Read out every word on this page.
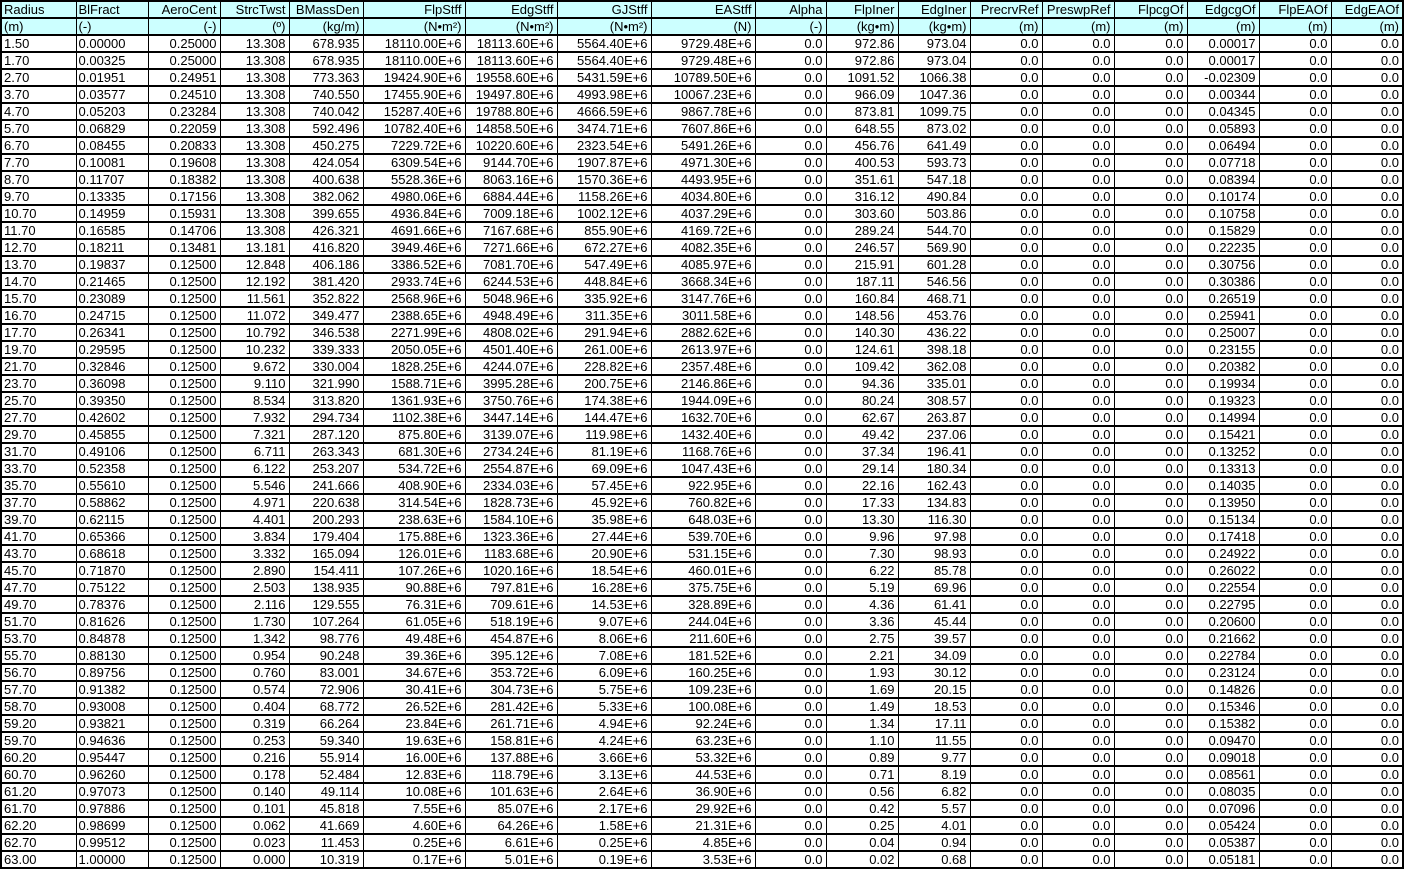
Radius	BlFract	AeroCent	StrcTwst	BMassDen	FlpStff	EdgStff	GJStff	EAStff	Alpha	FlpIner	EdgIner	PrecrvRef	PreswpRef	FlpcgOf	EdgcgOf	FlpEAOf	EdgEAOf
(m)	(-)	(-)	(º)	(kg/m)	(N•m²)	(N•m²)	(N•m²)	(N)	(-)	(kg•m)	(kg•m)	(m)	(m)	(m)	(m)	(m)	(m)
1.50	0.00000	0.25000	13.308	678.935	18110.00E+6	18113.60E+6	5564.40E+6	9729.48E+6	0.0	972.86	973.04	0.0	0.0	0.0	0.00017	0.0	0.0
1.70	0.00325	0.25000	13.308	678.935	18110.00E+6	18113.60E+6	5564.40E+6	9729.48E+6	0.0	972.86	973.04	0.0	0.0	0.0	0.00017	0.0	0.0
2.70	0.01951	0.24951	13.308	773.363	19424.90E+6	19558.60E+6	5431.59E+6	10789.50E+6	0.0	1091.52	1066.38	0.0	0.0	0.0	-0.02309	0.0	0.0
3.70	0.03577	0.24510	13.308	740.550	17455.90E+6	19497.80E+6	4993.98E+6	10067.23E+6	0.0	966.09	1047.36	0.0	0.0	0.0	0.00344	0.0	0.0
4.70	0.05203	0.23284	13.308	740.042	15287.40E+6	19788.80E+6	4666.59E+6	9867.78E+6	0.0	873.81	1099.75	0.0	0.0	0.0	0.04345	0.0	0.0
5.70	0.06829	0.22059	13.308	592.496	10782.40E+6	14858.50E+6	3474.71E+6	7607.86E+6	0.0	648.55	873.02	0.0	0.0	0.0	0.05893	0.0	0.0
6.70	0.08455	0.20833	13.308	450.275	7229.72E+6	10220.60E+6	2323.54E+6	5491.26E+6	0.0	456.76	641.49	0.0	0.0	0.0	0.06494	0.0	0.0
7.70	0.10081	0.19608	13.308	424.054	6309.54E+6	9144.70E+6	1907.87E+6	4971.30E+6	0.0	400.53	593.73	0.0	0.0	0.0	0.07718	0.0	0.0
8.70	0.11707	0.18382	13.308	400.638	5528.36E+6	8063.16E+6	1570.36E+6	4493.95E+6	0.0	351.61	547.18	0.0	0.0	0.0	0.08394	0.0	0.0
9.70	0.13335	0.17156	13.308	382.062	4980.06E+6	6884.44E+6	1158.26E+6	4034.80E+6	0.0	316.12	490.84	0.0	0.0	0.0	0.10174	0.0	0.0
10.70	0.14959	0.15931	13.308	399.655	4936.84E+6	7009.18E+6	1002.12E+6	4037.29E+6	0.0	303.60	503.86	0.0	0.0	0.0	0.10758	0.0	0.0
11.70	0.16585	0.14706	13.308	426.321	4691.66E+6	7167.68E+6	855.90E+6	4169.72E+6	0.0	289.24	544.70	0.0	0.0	0.0	0.15829	0.0	0.0
12.70	0.18211	0.13481	13.181	416.820	3949.46E+6	7271.66E+6	672.27E+6	4082.35E+6	0.0	246.57	569.90	0.0	0.0	0.0	0.22235	0.0	0.0
13.70	0.19837	0.12500	12.848	406.186	3386.52E+6	7081.70E+6	547.49E+6	4085.97E+6	0.0	215.91	601.28	0.0	0.0	0.0	0.30756	0.0	0.0
14.70	0.21465	0.12500	12.192	381.420	2933.74E+6	6244.53E+6	448.84E+6	3668.34E+6	0.0	187.11	546.56	0.0	0.0	0.0	0.30386	0.0	0.0
15.70	0.23089	0.12500	11.561	352.822	2568.96E+6	5048.96E+6	335.92E+6	3147.76E+6	0.0	160.84	468.71	0.0	0.0	0.0	0.26519	0.0	0.0
16.70	0.24715	0.12500	11.072	349.477	2388.65E+6	4948.49E+6	311.35E+6	3011.58E+6	0.0	148.56	453.76	0.0	0.0	0.0	0.25941	0.0	0.0
17.70	0.26341	0.12500	10.792	346.538	2271.99E+6	4808.02E+6	291.94E+6	2882.62E+6	0.0	140.30	436.22	0.0	0.0	0.0	0.25007	0.0	0.0
19.70	0.29595	0.12500	10.232	339.333	2050.05E+6	4501.40E+6	261.00E+6	2613.97E+6	0.0	124.61	398.18	0.0	0.0	0.0	0.23155	0.0	0.0
21.70	0.32846	0.12500	9.672	330.004	1828.25E+6	4244.07E+6	228.82E+6	2357.48E+6	0.0	109.42	362.08	0.0	0.0	0.0	0.20382	0.0	0.0
23.70	0.36098	0.12500	9.110	321.990	1588.71E+6	3995.28E+6	200.75E+6	2146.86E+6	0.0	94.36	335.01	0.0	0.0	0.0	0.19934	0.0	0.0
25.70	0.39350	0.12500	8.534	313.820	1361.93E+6	3750.76E+6	174.38E+6	1944.09E+6	0.0	80.24	308.57	0.0	0.0	0.0	0.19323	0.0	0.0
27.70	0.42602	0.12500	7.932	294.734	1102.38E+6	3447.14E+6	144.47E+6	1632.70E+6	0.0	62.67	263.87	0.0	0.0	0.0	0.14994	0.0	0.0
29.70	0.45855	0.12500	7.321	287.120	875.80E+6	3139.07E+6	119.98E+6	1432.40E+6	0.0	49.42	237.06	0.0	0.0	0.0	0.15421	0.0	0.0
31.70	0.49106	0.12500	6.711	263.343	681.30E+6	2734.24E+6	81.19E+6	1168.76E+6	0.0	37.34	196.41	0.0	0.0	0.0	0.13252	0.0	0.0
33.70	0.52358	0.12500	6.122	253.207	534.72E+6	2554.87E+6	69.09E+6	1047.43E+6	0.0	29.14	180.34	0.0	0.0	0.0	0.13313	0.0	0.0
35.70	0.55610	0.12500	5.546	241.666	408.90E+6	2334.03E+6	57.45E+6	922.95E+6	0.0	22.16	162.43	0.0	0.0	0.0	0.14035	0.0	0.0
37.70	0.58862	0.12500	4.971	220.638	314.54E+6	1828.73E+6	45.92E+6	760.82E+6	0.0	17.33	134.83	0.0	0.0	0.0	0.13950	0.0	0.0
39.70	0.62115	0.12500	4.401	200.293	238.63E+6	1584.10E+6	35.98E+6	648.03E+6	0.0	13.30	116.30	0.0	0.0	0.0	0.15134	0.0	0.0
41.70	0.65366	0.12500	3.834	179.404	175.88E+6	1323.36E+6	27.44E+6	539.70E+6	0.0	9.96	97.98	0.0	0.0	0.0	0.17418	0.0	0.0
43.70	0.68618	0.12500	3.332	165.094	126.01E+6	1183.68E+6	20.90E+6	531.15E+6	0.0	7.30	98.93	0.0	0.0	0.0	0.24922	0.0	0.0
45.70	0.71870	0.12500	2.890	154.411	107.26E+6	1020.16E+6	18.54E+6	460.01E+6	0.0	6.22	85.78	0.0	0.0	0.0	0.26022	0.0	0.0
47.70	0.75122	0.12500	2.503	138.935	90.88E+6	797.81E+6	16.28E+6	375.75E+6	0.0	5.19	69.96	0.0	0.0	0.0	0.22554	0.0	0.0
49.70	0.78376	0.12500	2.116	129.555	76.31E+6	709.61E+6	14.53E+6	328.89E+6	0.0	4.36	61.41	0.0	0.0	0.0	0.22795	0.0	0.0
51.70	0.81626	0.12500	1.730	107.264	61.05E+6	518.19E+6	9.07E+6	244.04E+6	0.0	3.36	45.44	0.0	0.0	0.0	0.20600	0.0	0.0
53.70	0.84878	0.12500	1.342	98.776	49.48E+6	454.87E+6	8.06E+6	211.60E+6	0.0	2.75	39.57	0.0	0.0	0.0	0.21662	0.0	0.0
55.70	0.88130	0.12500	0.954	90.248	39.36E+6	395.12E+6	7.08E+6	181.52E+6	0.0	2.21	34.09	0.0	0.0	0.0	0.22784	0.0	0.0
56.70	0.89756	0.12500	0.760	83.001	34.67E+6	353.72E+6	6.09E+6	160.25E+6	0.0	1.93	30.12	0.0	0.0	0.0	0.23124	0.0	0.0
57.70	0.91382	0.12500	0.574	72.906	30.41E+6	304.73E+6	5.75E+6	109.23E+6	0.0	1.69	20.15	0.0	0.0	0.0	0.14826	0.0	0.0
58.70	0.93008	0.12500	0.404	68.772	26.52E+6	281.42E+6	5.33E+6	100.08E+6	0.0	1.49	18.53	0.0	0.0	0.0	0.15346	0.0	0.0
59.20	0.93821	0.12500	0.319	66.264	23.84E+6	261.71E+6	4.94E+6	92.24E+6	0.0	1.34	17.11	0.0	0.0	0.0	0.15382	0.0	0.0
59.70	0.94636	0.12500	0.253	59.340	19.63E+6	158.81E+6	4.24E+6	63.23E+6	0.0	1.10	11.55	0.0	0.0	0.0	0.09470	0.0	0.0
60.20	0.95447	0.12500	0.216	55.914	16.00E+6	137.88E+6	3.66E+6	53.32E+6	0.0	0.89	9.77	0.0	0.0	0.0	0.09018	0.0	0.0
60.70	0.96260	0.12500	0.178	52.484	12.83E+6	118.79E+6	3.13E+6	44.53E+6	0.0	0.71	8.19	0.0	0.0	0.0	0.08561	0.0	0.0
61.20	0.97073	0.12500	0.140	49.114	10.08E+6	101.63E+6	2.64E+6	36.90E+6	0.0	0.56	6.82	0.0	0.0	0.0	0.08035	0.0	0.0
61.70	0.97886	0.12500	0.101	45.818	7.55E+6	85.07E+6	2.17E+6	29.92E+6	0.0	0.42	5.57	0.0	0.0	0.0	0.07096	0.0	0.0
62.20	0.98699	0.12500	0.062	41.669	4.60E+6	64.26E+6	1.58E+6	21.31E+6	0.0	0.25	4.01	0.0	0.0	0.0	0.05424	0.0	0.0
62.70	0.99512	0.12500	0.023	11.453	0.25E+6	6.61E+6	0.25E+6	4.85E+6	0.0	0.04	0.94	0.0	0.0	0.0	0.05387	0.0	0.0
63.00	1.00000	0.12500	0.000	10.319	0.17E+6	5.01E+6	0.19E+6	3.53E+6	0.0	0.02	0.68	0.0	0.0	0.0	0.05181	0.0	0.0
